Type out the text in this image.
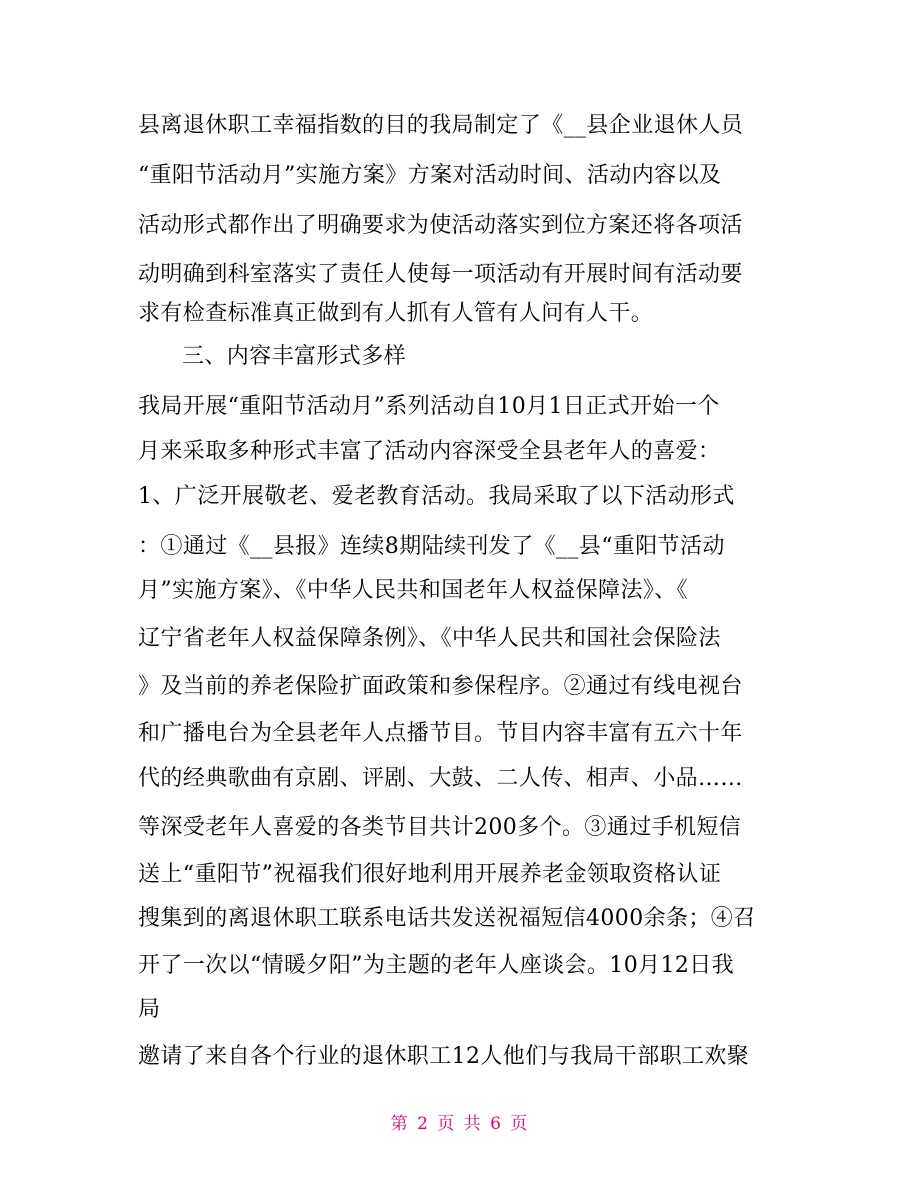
县离退休职工幸福指数的目的我局制定了《__县企业退休人员
“重阳节活动月”实施方案》方案对活动时间、活动内容以及
活动形式都作出了明确要求为使活动落实到位方案还将各项活
动明确到科室落实了责任人使每一项活动有开展时间有活动要
求有检查标准真正做到有人抓有人管有人问有人干。
三、内容丰富形式多样
我局开展“重阳节活动月”系列活动自10月1日正式开始一个
月来采取多种形式丰富了活动内容深受全县老年人的喜爱：
1、广泛开展敬老、爱老教育活动。我局采取了以下活动形式
：①通过《__县报》连续8期陆续刊发了《__县“重阳节活动
月”实施方案》、《中华人民共和国老年人权益保障法》、《
辽宁省老年人权益保障条例》、《中华人民共和国社会保险法
》及当前的养老保险扩面政策和参保程序。②通过有线电视台
和广播电台为全县老年人点播节目。节目内容丰富有五六十年
代的经典歌曲有京剧、评剧、大鼓、二人传、相声、小品……
等深受老年人喜爱的各类节目共计200多个。③通过手机短信
送上“重阳节”祝福我们很好地利用开展养老金领取资格认证
搜集到的离退休职工联系电话共发送祝福短信4000余条；④召
开了一次以“情暖夕阳”为主题的老年人座谈会。10月12日我
局
邀请了来自各个行业的退休职工12人他们与我局干部职工欢聚
第 2 页 共 6 页
